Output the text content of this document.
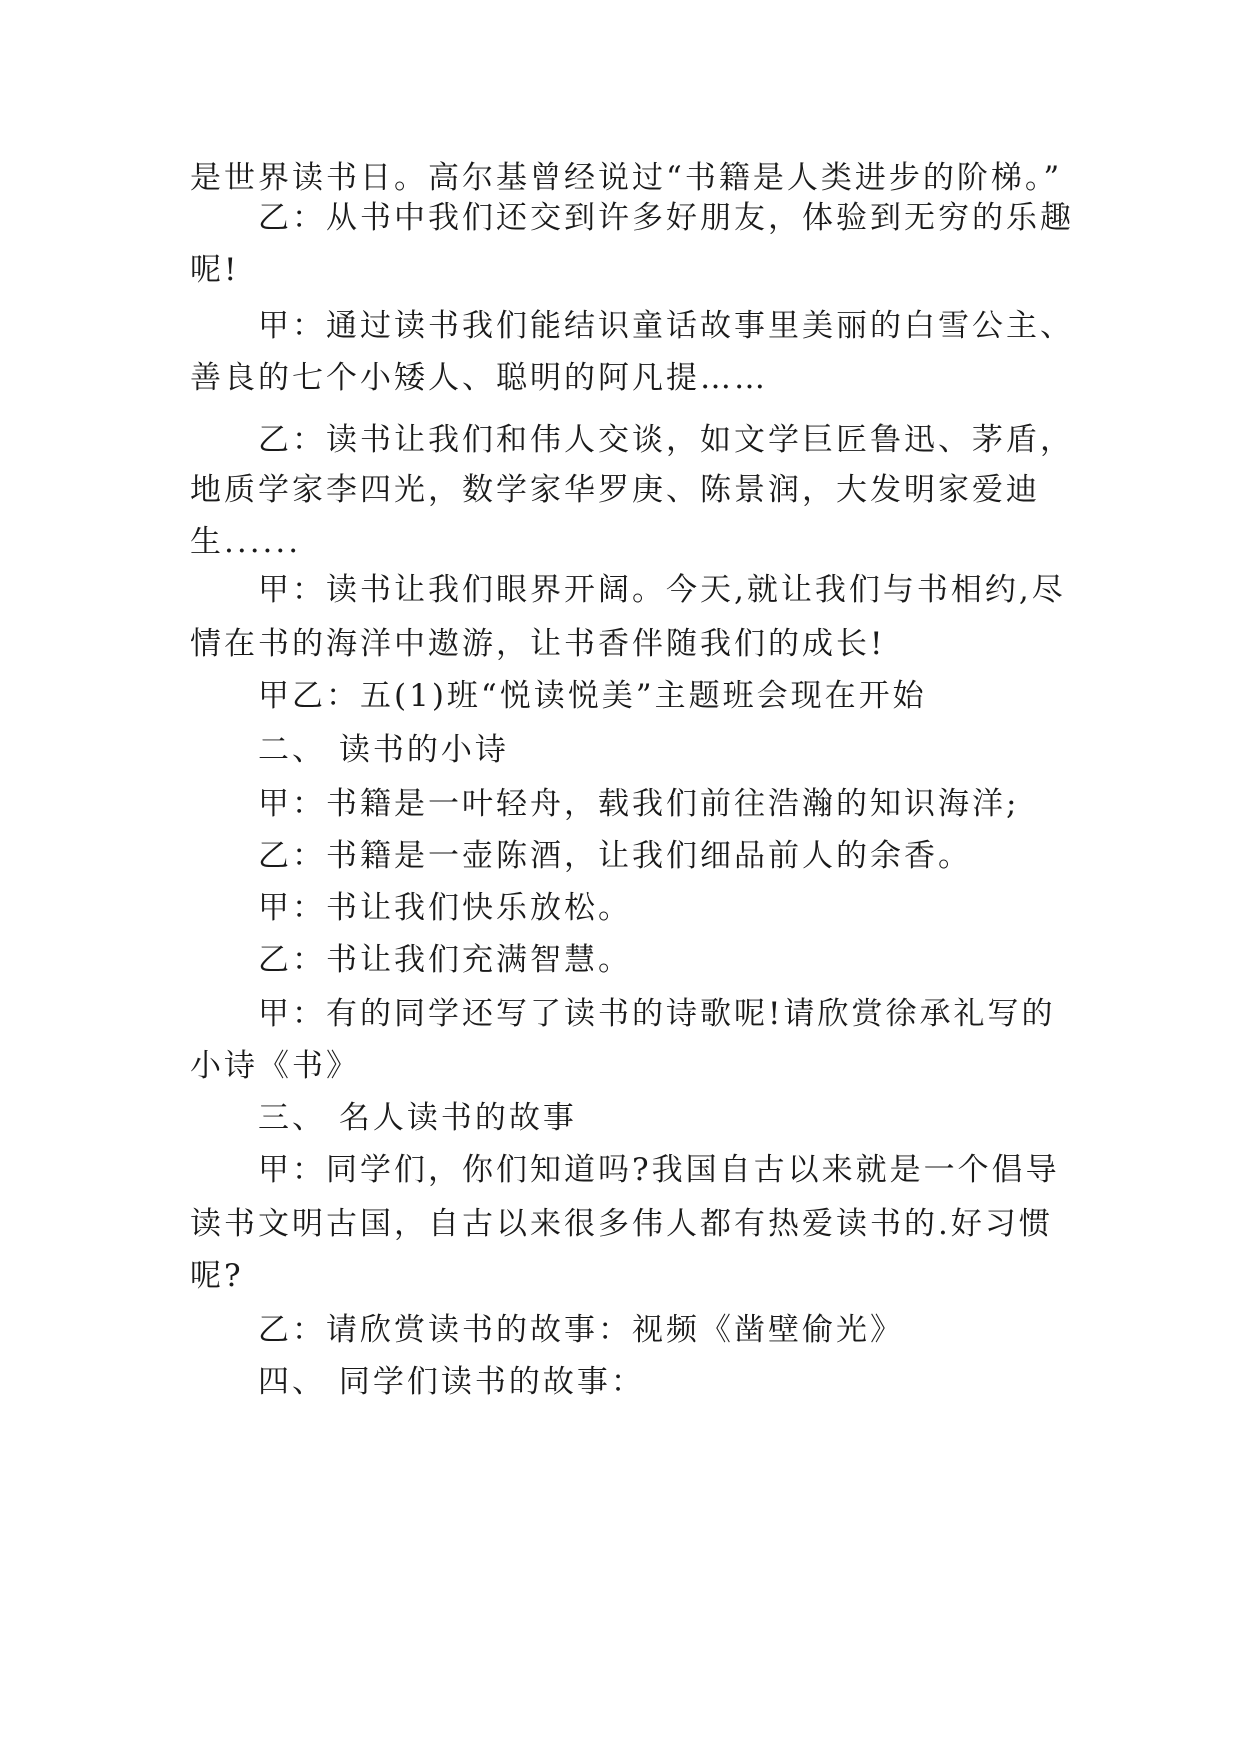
是世界读书日。高尔基曾经说过“书籍是人类进步的阶梯。”
乙：从书中我们还交到许多好朋友，体验到无穷的乐趣
呢!
甲：通过读书我们能结识童话故事里美丽的白雪公主、
善良的七个小矮人、聪明的阿凡提……
乙：读书让我们和伟人交谈，如文学巨匠鲁迅、茅盾，
地质学家李四光，数学家华罗庚、陈景润，大发明家爱迪
生......
甲：读书让我们眼界开阔。今天,就让我们与书相约,尽
情在书的海洋中遨游，让书香伴随我们的成长!
甲乙：五(1)班“悦读悦美”主题班会现在开始
二、 读书的小诗
甲：书籍是一叶轻舟，载我们前往浩瀚的知识海洋;
乙：书籍是一壶陈酒，让我们细品前人的余香。
甲：书让我们快乐放松。
乙：书让我们充满智慧。
甲：有的同学还写了读书的诗歌呢!请欣赏徐承礼写的
小诗《书》
三、 名人读书的故事
甲：同学们，你们知道吗?我国自古以来就是一个倡导
读书文明古国，自古以来很多伟人都有热爱读书的.好习惯
呢?
乙：请欣赏读书的故事：视频《凿壁偷光》
四、 同学们读书的故事：
